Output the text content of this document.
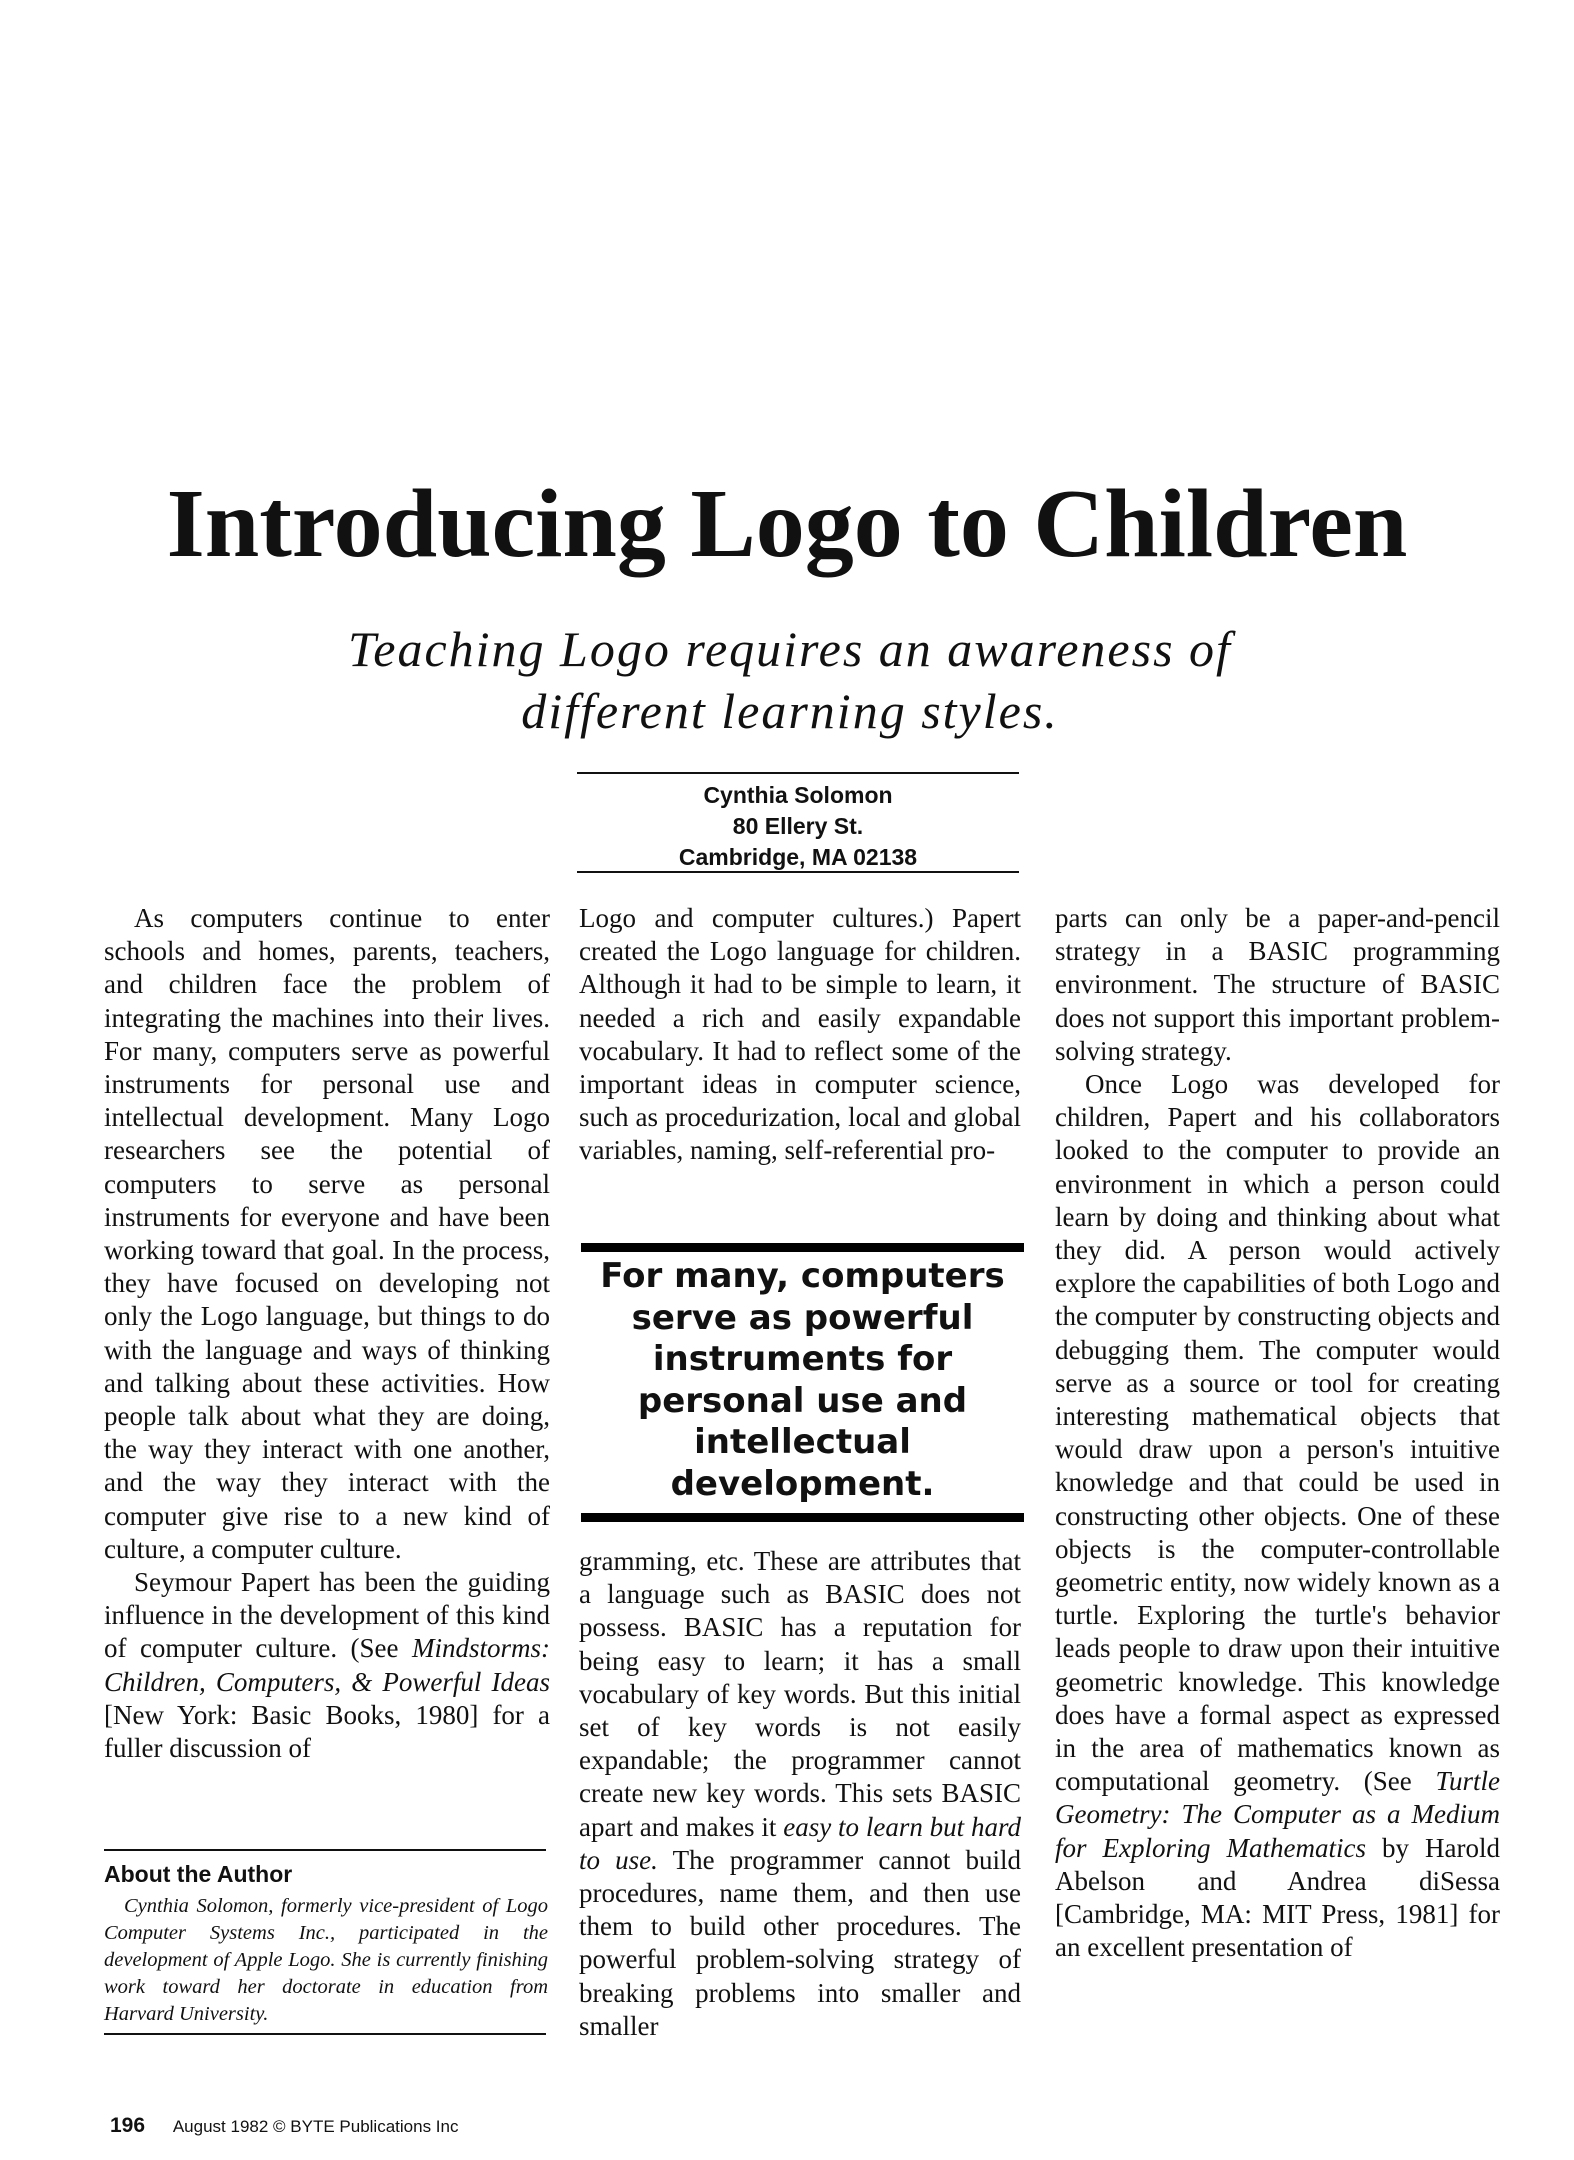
Introducing Logo to Children
Teaching Logo requires an awareness of different learning styles.
Cynthia Solomon
80 Ellery St.
Cambridge, MA 02138

As computers continue to enter schools and homes, parents, teachers, and children face the problem of integrating the machines into their lives. For many, computers serve as powerful instruments for personal use and intellectual development. Many Logo researchers see the potential of computers to serve as personal instruments for everyone and have been working toward that goal. In the process, they have focused on developing not only the Logo language, but things to do with the language and ways of thinking and talking about these activities. How people talk about what they are doing, the way they interact with one another, and the way they interact with the computer give rise to a new kind of culture, a computer culture.

Seymour Papert has been the guiding influence in the development of this kind of computer culture. (See Mindstorms: Children, Computers, & Powerful Ideas [New York: Basic Books, 1980] for a fuller discussion of

Logo and computer cultures.) Papert created the Logo language for children. Although it had to be simple to learn, it needed a rich and easily expandable vocabulary. It had to reflect some of the important ideas in computer science, such as procedurization, local and global variables, naming, self-referential pro-

For many, computers serve as powerful instruments for personal use and intellectual development.

gramming, etc. These are attributes that a language such as BASIC does not possess. BASIC has a reputation for being easy to learn; it has a small vocabulary of key words. But this initial set of key words is not easily expandable; the programmer cannot create new key words. This sets BASIC apart and makes it easy to learn but hard to use. The programmer cannot build procedures, name them, and then use them to build other procedures. The powerful problem-solving strategy of breaking problems into smaller and smaller

parts can only be a paper-and-pencil strategy in a BASIC programming environment. The structure of BASIC does not support this important problem-solving strategy.

Once Logo was developed for children, Papert and his collaborators looked to the computer to provide an environment in which a person could learn by doing and thinking about what they did. A person would actively explore the capabilities of both Logo and the computer by constructing objects and debugging them. The computer would serve as a source or tool for creating interesting mathematical objects that would draw upon a person's intuitive knowledge and that could be used in constructing other objects. One of these objects is the computer-controllable geometric entity, now widely known as a turtle. Exploring the turtle's behavior leads people to draw upon their intuitive geometric knowledge. This knowledge does have a formal aspect as expressed in the area of mathematics known as computational geometry. (See Turtle Geometry: The Computer as a Medium for Exploring Mathematics by Harold Abelson and Andrea diSessa [Cambridge, MA: MIT Press, 1981] for an excellent presentation of

About the Author

Cynthia Solomon, formerly vice-president of Logo Computer Systems Inc., participated in the development of Apple Logo. She is currently finishing work toward her doctorate in education from Harvard University.

196 August 1982 © BYTE Publications Inc
